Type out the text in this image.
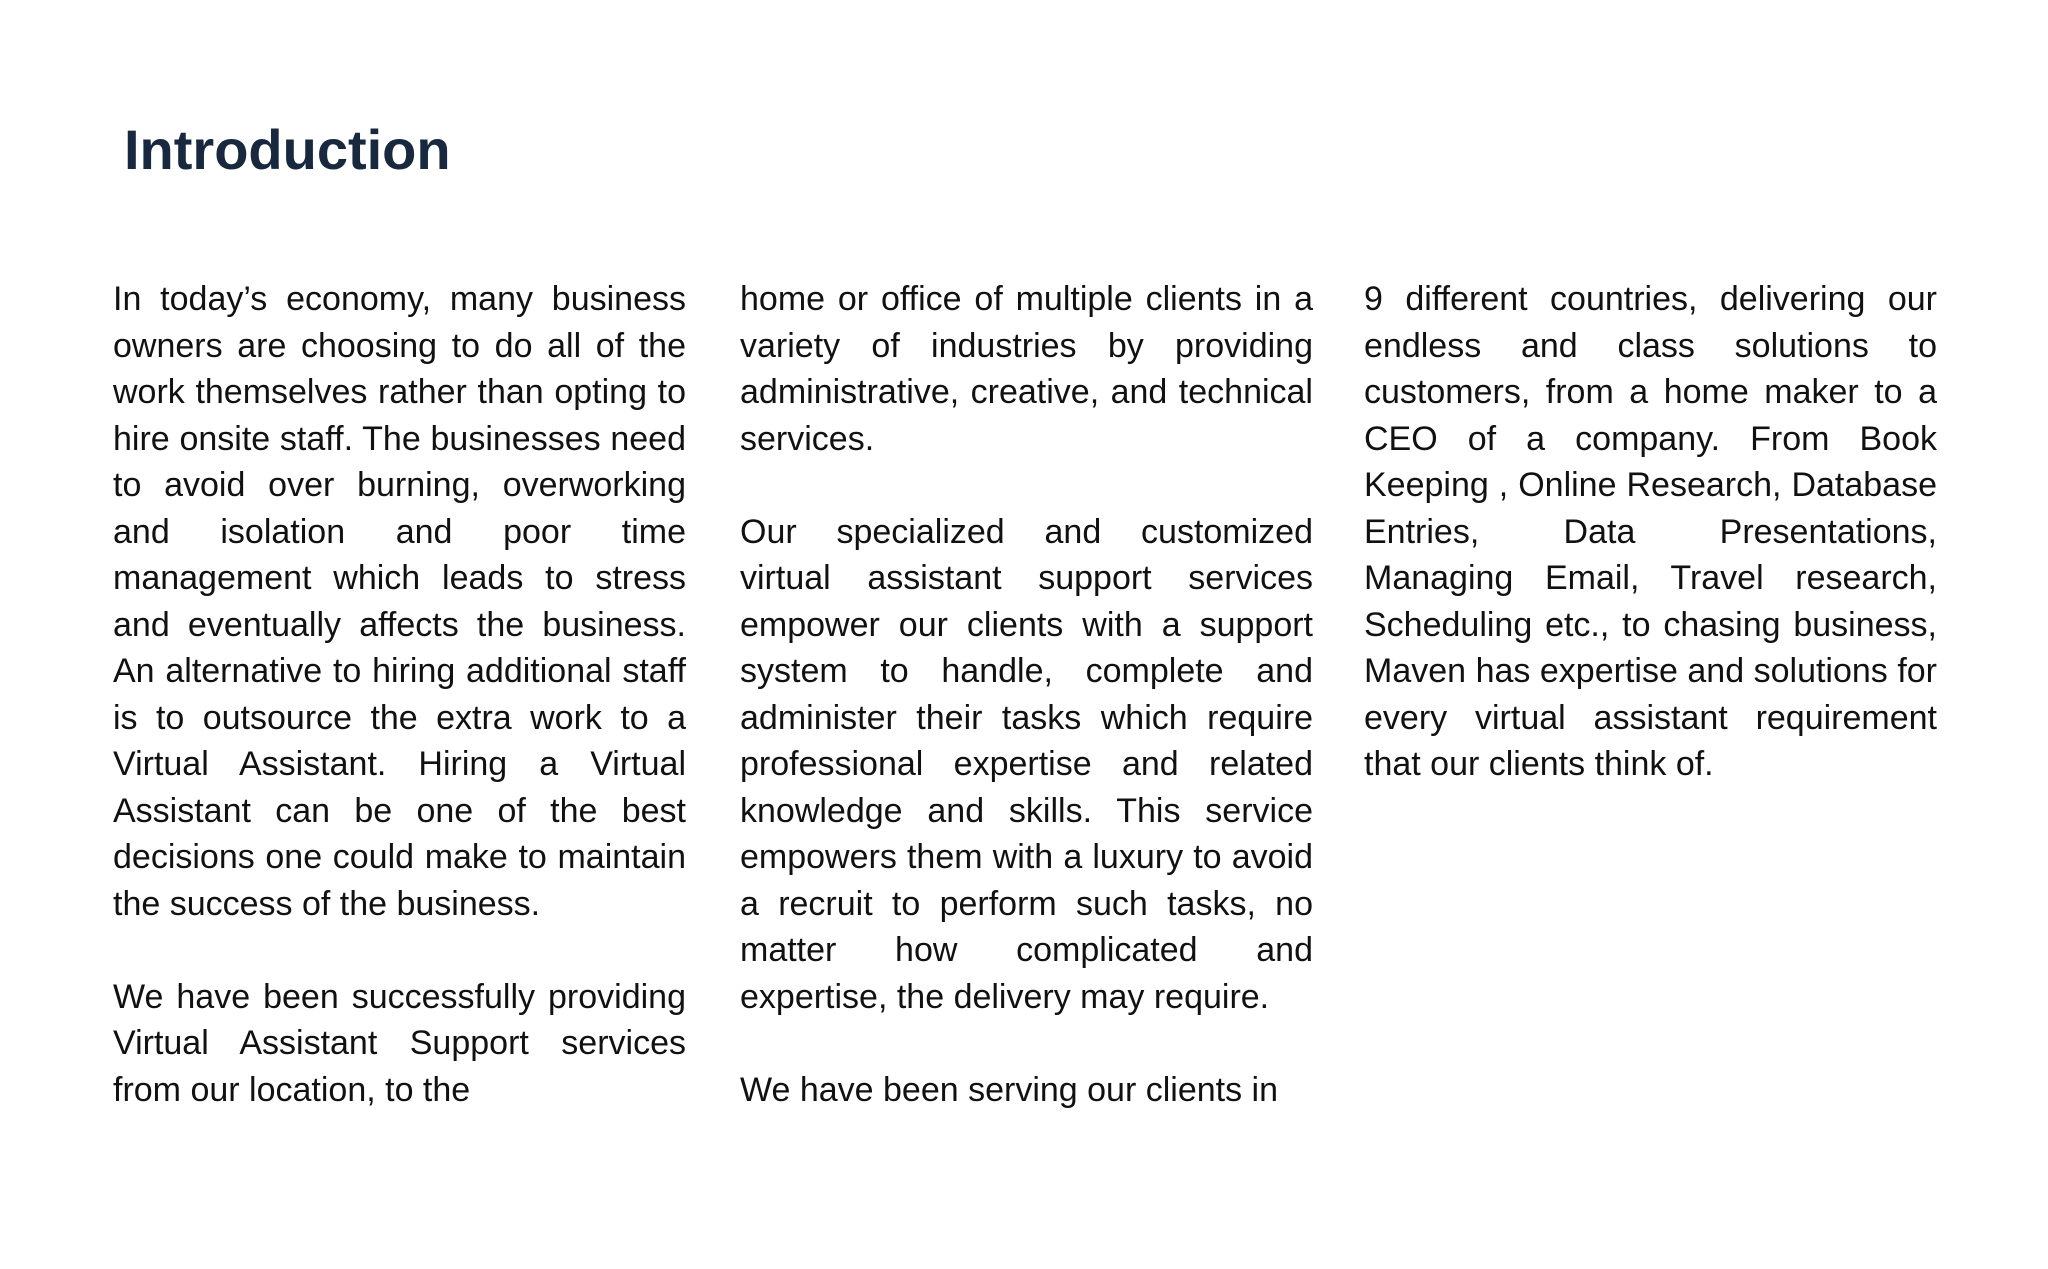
Introduction

In today’s economy, many business owners are choosing to do all of the work themselves rather than opting to hire onsite staff. The businesses need to avoid over burning, overworking and isolation and poor time management which leads to stress and eventually affects the business. An alternative to hiring additional staff is to outsource the extra work to a Virtual Assistant. Hiring a Virtual Assistant can be one of the best decisions one could make to maintain the success of the business.

We have been successfully providing Virtual Assistant Support services from our location, to the

home or office of multiple clients in a variety of industries by providing administrative, creative, and technical services.

Our specialized and customized virtual assistant support services empower our clients with a support system to handle, complete and administer their tasks which require professional expertise and related knowledge and skills. This service empowers them with a luxury to avoid a recruit to perform such tasks, no matter how complicated and expertise, the delivery may require.

We have been serving our clients in

9 different countries, delivering our endless and class solutions to customers, from a home maker to a CEO of a company. From Book Keeping , Online Research, Database Entries, Data Presentations, Managing Email, Travel research, Scheduling etc., to chasing business, Maven has expertise and solutions for every virtual assistant requirement that our clients think of.
